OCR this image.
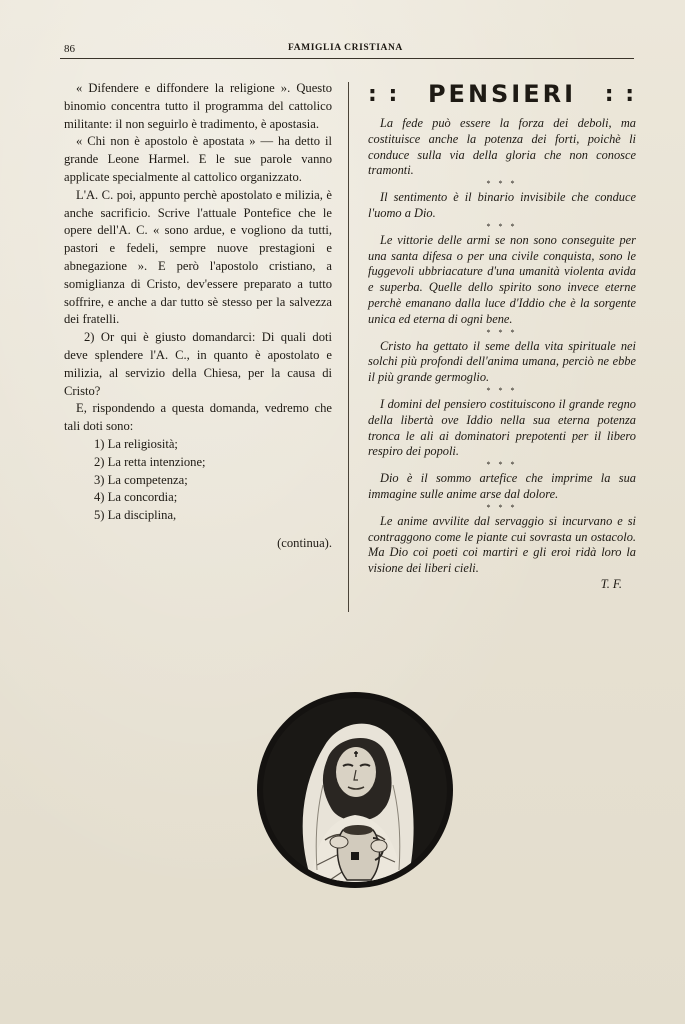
86	FAMIGLIA CRISTIANA

« Difendere e diffondere la religione ». Questo binomio concentra tutto il programma del cattolico militante: il non seguirlo è tradimento, è apostasia.

« Chi non è apostolo è apostata » — ha detto il grande Leone Harmel. E le sue parole vanno applicate specialmente al cattolico organizzato.

L'A. C. poi, appunto perchè apostolato e milizia, è anche sacrificio. Scrive l'attuale Pontefice che le opere dell'A. C. « sono ardue, e vogliono da tutti, pastori e fedeli, sempre nuove prestagioni e abnegazione ». E però l'apostolo cristiano, a somiglianza di Cristo, dev'essere preparato a tutto soffrire, e anche a dar tutto sè stesso per la salvezza dei fratelli.

2) Or qui è giusto domandarci: Di quali doti deve splendere l'A. C., in quanto è apostolato e milizia, al servizio della Chiesa, per la causa di Cristo?

E, rispondendo a questa domanda, vedremo che tali doti sono:

1) La religiosità;
2) La retta intenzione;
3) La competenza;
4) La concordia;
5) La disciplina,

(continua).

: : PENSIERI : :

La fede può essere la forza dei deboli, ma costituisce anche la potenza dei forti, poichè li conduce sulla via della gloria che non conosce tramonti.

* * *

Il sentimento è il binario invisibile che conduce l'uomo a Dio.

* * *

Le vittorie delle armi se non sono conseguite per una santa difesa o per una civile conquista, sono le fuggevoli ubbriacature d'una umanità violenta avida e superba. Quelle dello spirito sono invece eterne perchè emanano dalla luce d'Iddio che è la sorgente unica ed eterna di ogni bene.

* * *

Cristo ha gettato il seme della vita spirituale nei solchi più profondi dell'anima umana, perciò ne ebbe il più grande germoglio.

* * *

I domini del pensiero costituiscono il grande regno della libertà ove Iddio nella sua eterna potenza tronca le ali ai dominatori prepotenti per il libero respiro dei popoli.

* * *

Dio è il sommo artefice che imprime la sua immagine sulle anime arse dal dolore.

* * *

Le anime avvilite dal servaggio si incurvano e si contraggono come le piante cui sovrasta un ostacolo. Ma Dio coi poeti coi martiri e gli eroi ridà loro la visione dei liberi cieli.

T. F.
